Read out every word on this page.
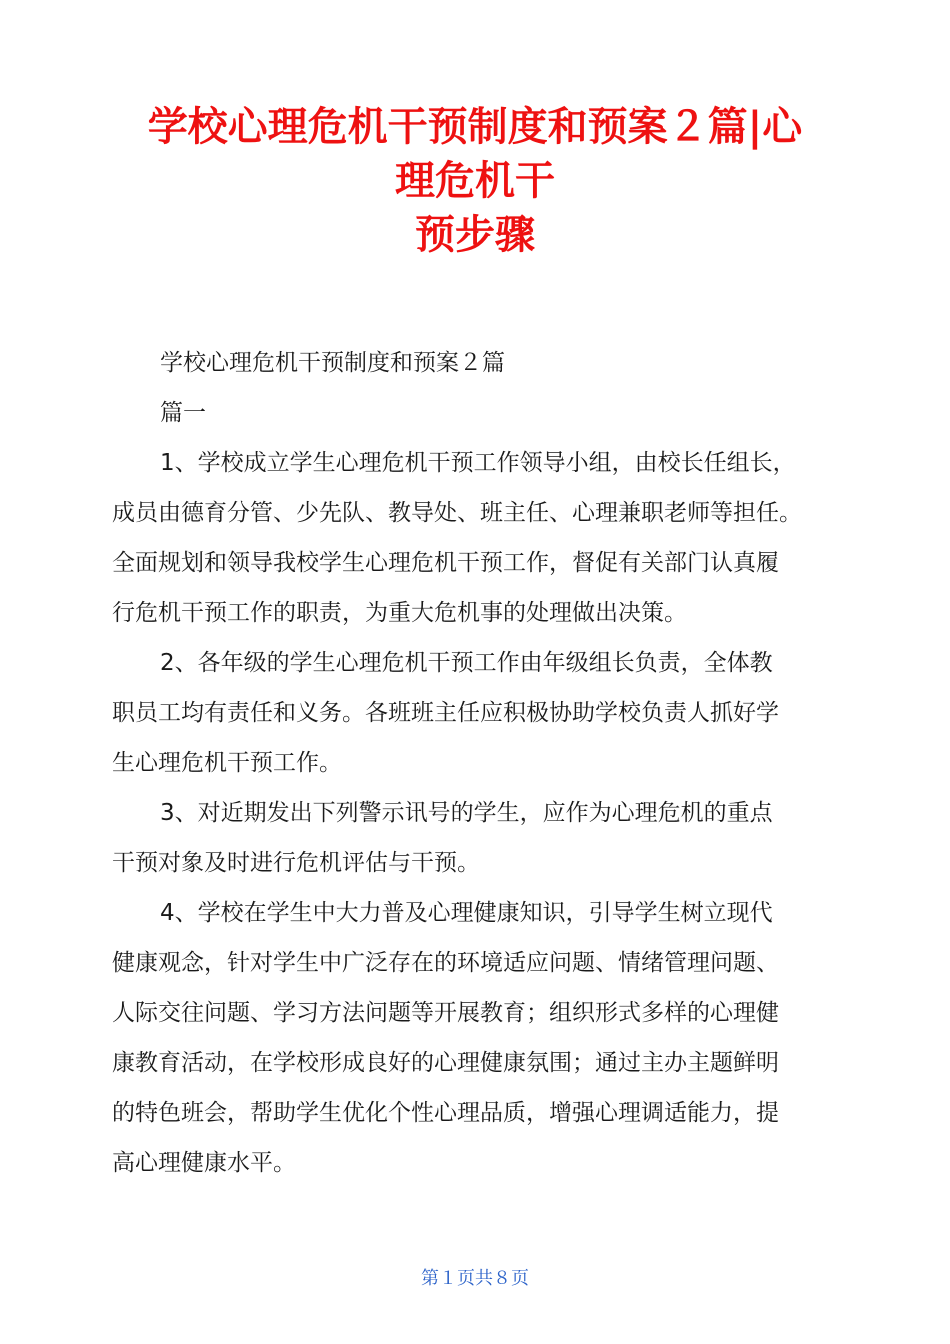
学校心理危机干预制度和预案２篇|心
理危机干
预步骤

学校心理危机干预制度和预案２篇

篇一

1、学校成立学生心理危机干预工作领导小组，由校长任组长，

成员由德育分管、少先队、教导处、班主任、心理兼职老师等担任。
全面规划和领导我校学生心理危机干预工作，督促有关部门认真履
行危机干预工作的职责，为重大危机事的处理做出决策。

2、各年级的学生心理危机干预工作由年级组长负责，全体教

职员工均有责任和义务。各班班主任应积极协助学校负责人抓好学
生心理危机干预工作。

3、对近期发出下列警示讯号的学生，应作为心理危机的重点

干预对象及时进行危机评估与干预。

4、学校在学生中大力普及心理健康知识，引导学生树立现代

健康观念，针对学生中广泛存在的环境适应问题、情绪管理问题、
人际交往问题、学习方法问题等开展教育；组织形式多样的心理健
康教育活动，在学校形成良好的心理健康氛围；通过主办主题鲜明
的特色班会，帮助学生优化个性心理品质，增强心理调适能力，提
高心理健康水平。

第１页共８页
